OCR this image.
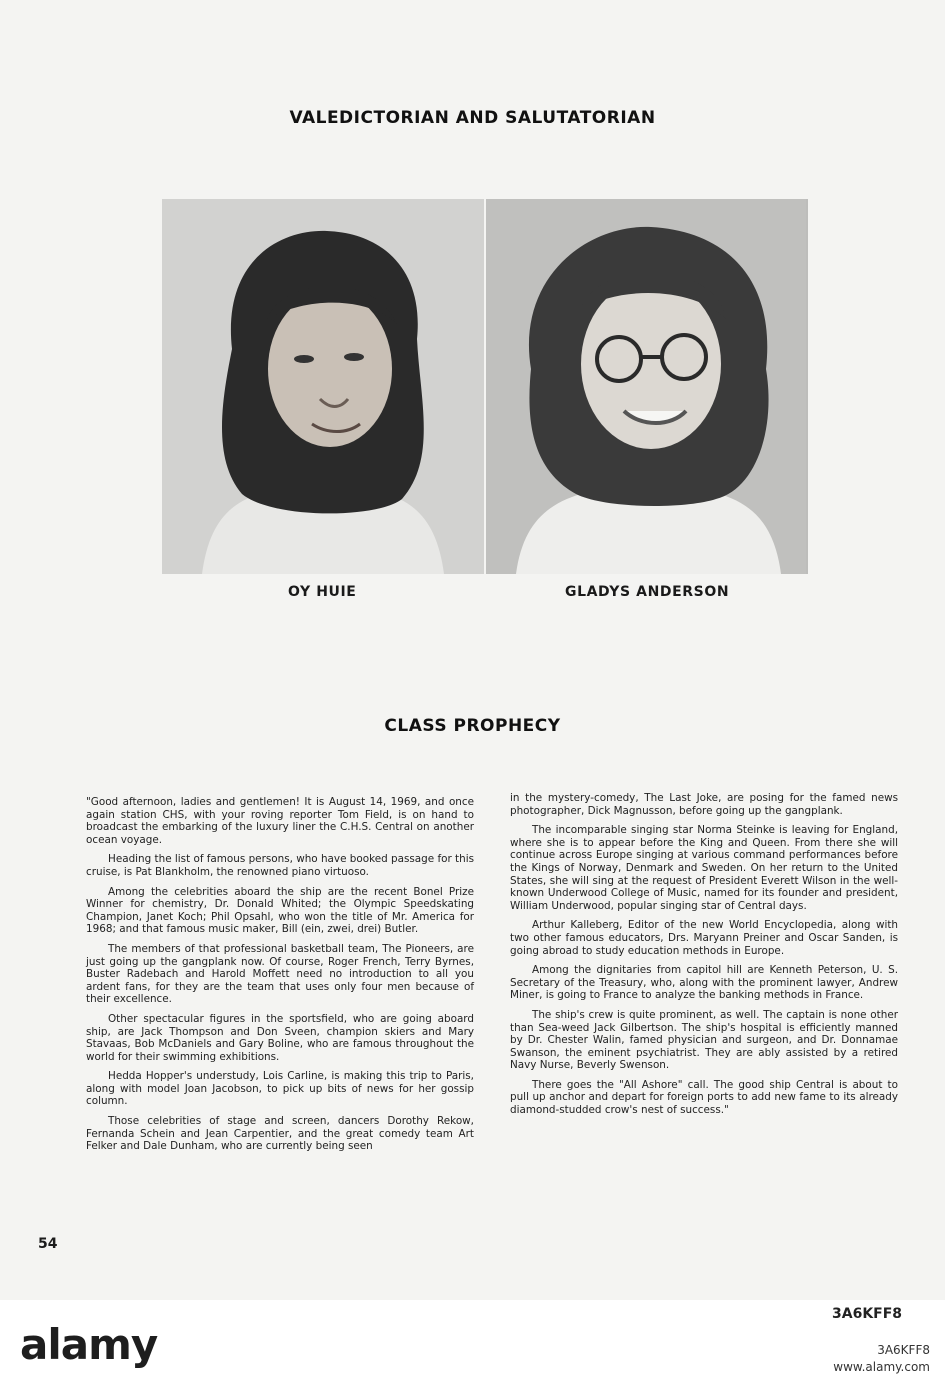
VALEDICTORIAN AND SALUTATORIAN
OY HUIE	GLADYS ANDERSON
CLASS PROPHECY

"Good afternoon, ladies and gentlemen! It is August 14, 1969, and once again station CHS, with your roving reporter Tom Field, is on hand to broadcast the embarking of the luxury liner the C.H.S. Central on another ocean voyage.

Heading the list of famous persons, who have booked passage for this cruise, is Pat Blankholm, the renowned piano virtuoso.

Among the celebrities aboard the ship are the recent Bonel Prize Winner for chemistry, Dr. Donald Whited; the Olympic Speedskating Champion, Janet Koch; Phil Opsahl, who won the title of Mr. America for 1968; and that famous music maker, Bill (ein, zwei, drei) Butler.

The members of that professional basketball team, The Pioneers, are just going up the gangplank now. Of course, Roger French, Terry Byrnes, Buster Radebach and Harold Moffett need no introduction to all you ardent fans, for they are the team that uses only four men because of their excellence.

Other spectacular figures in the sportsfield, who are going aboard ship, are Jack Thompson and Don Sveen, champion skiers and Mary Stavaas, Bob McDaniels and Gary Boline, who are famous throughout the world for their swimming exhibitions.

Hedda Hopper's understudy, Lois Carline, is making this trip to Paris, along with model Joan Jacobson, to pick up bits of news for her gossip column.

Those celebrities of stage and screen, dancers Dorothy Rekow, Fernanda Schein and Jean Carpentier, and the great comedy team Art Felker and Dale Dunham, who are currently being seen

in the mystery-comedy, The Last Joke, are posing for the famed news photographer, Dick Magnusson, before going up the gangplank.

The incomparable singing star Norma Steinke is leaving for England, where she is to appear before the King and Queen. From there she will continue across Europe singing at various command performances before the Kings of Norway, Denmark and Sweden. On her return to the United States, she will sing at the request of President Everett Wilson in the well-known Underwood College of Music, named for its founder and president, William Underwood, popular singing star of Central days.

Arthur Kalleberg, Editor of the new World Encyclopedia, along with two other famous educators, Drs. Maryann Preiner and Oscar Sanden, is going abroad to study education methods in Europe.

Among the dignitaries from capitol hill are Kenneth Peterson, U. S. Secretary of the Treasury, who, along with the prominent lawyer, Andrew Miner, is going to France to analyze the banking methods in France.

The ship's crew is quite prominent, as well. The captain is none other than Sea-weed Jack Gilbertson. The ship's hospital is efficiently manned by Dr. Chester Walin, famed physician and surgeon, and Dr. Donnamae Swanson, the eminent psychiatrist. They are ably assisted by a retired Navy Nurse, Beverly Swenson.

There goes the "All Ashore" call. The good ship Central is about to pull up anchor and depart for foreign ports to add new fame to its already diamond-studded crow's nest of success."

54
alamy
3A6KFF8
3A6KFF8
www.alamy.com
